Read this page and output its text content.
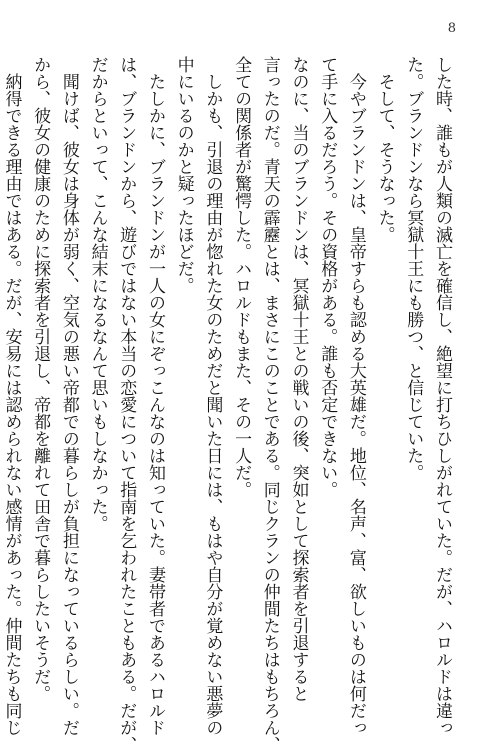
8
した時、誰もが人類の滅亡を確信し、絶望に打ちひしがれていた。だが、ハロルドは違っ
た。ブランドンなら冥獄十王にも勝つ、と信じていた。
そして、そうなった。
今やブランドンは、皇帝すらも認める大英雄だ。地位、名声、富、欲しいものは何だっ
て手に入るだろう。その資格がある。誰も否定できない。
なのに、当のブランドンは、冥獄十王との戦いの後、突如として探索者を引退すると
言ったのだ。青天の霹靂とは、まさにこのことである。同じクランの仲間たちはもちろん、
全ての関係者が驚愕した。ハロルドもまた、その一人だ。
しかも、引退の理由が惚れた女のためだと聞いた日には、もはや自分が覚めない悪夢の
中にいるのかと疑ったほどだ。
たしかに、ブランドンが一人の女にぞっこんなのは知っていた。妻帯者であるハロルド
は、ブランドンから、遊びではない本当の恋愛について指南を乞われたこともある。だが、
だからといって、こんな結末になるなんて思いもしなかった。
聞けば、彼女は身体が弱く、空気の悪い帝都での暮らしが負担になっているらしい。だ
から、彼女の健康のために探索者を引退し、帝都を離れて田舎で暮らしたいそうだ。
納得できる理由ではある。だが、安易には認められない感情があった。仲間たちも同じ
